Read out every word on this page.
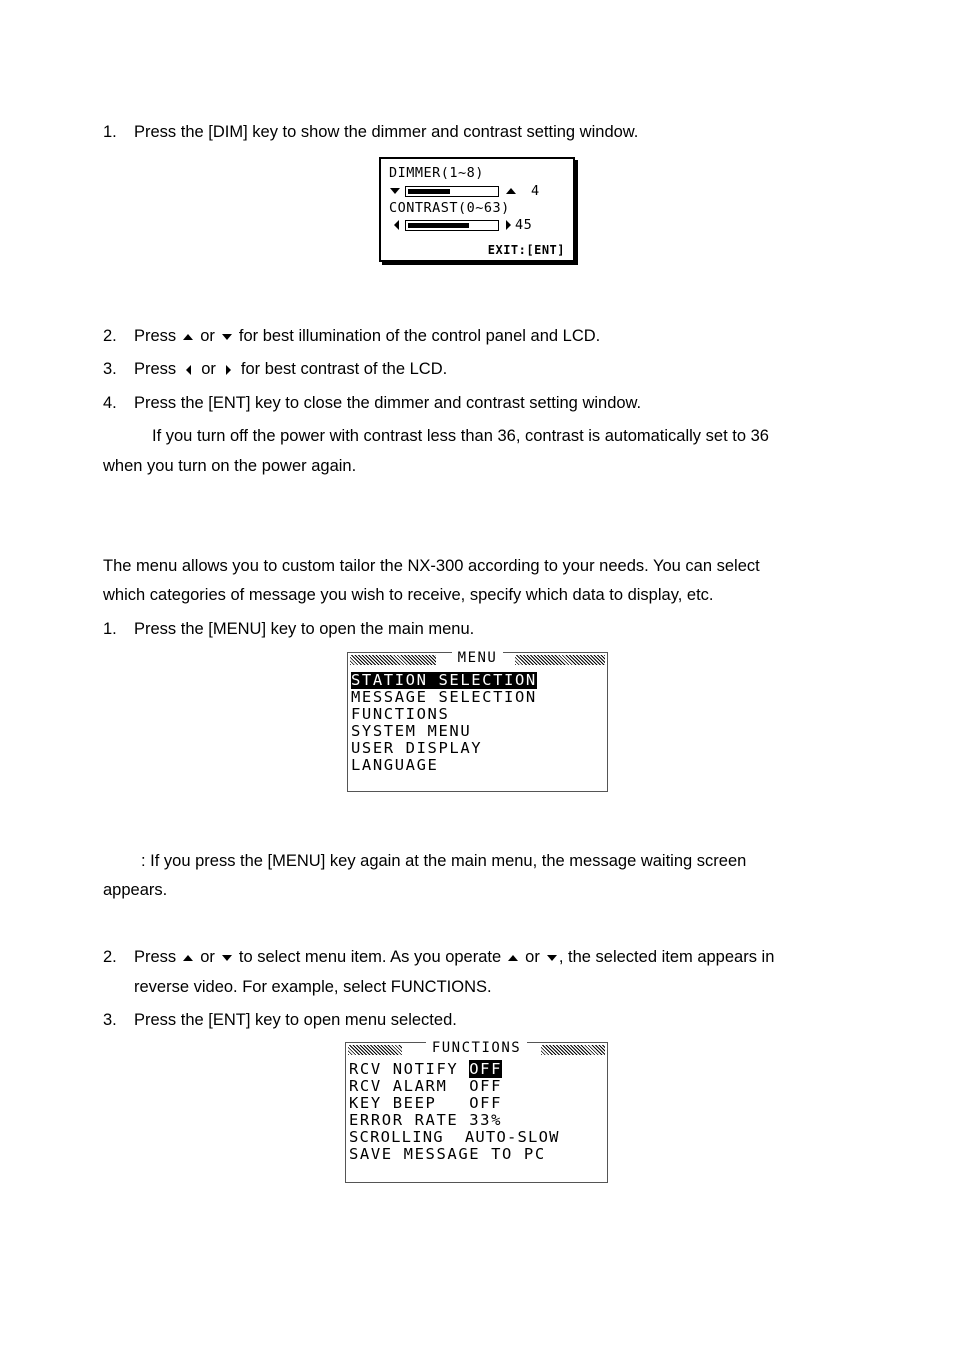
1. Press the [DIM] key to show the dimmer and contrast setting window.
DIMMER(1~8)
4
CONTRAST(0~63)
45
EXIT:[ENT]
2. Press or for best illumination of the control panel and LCD.
3. Press or for best contrast of the LCD.
4. Press the [ENT] key to close the dimmer and contrast setting window.
If you turn off the power with contrast less than 36, contrast is automatically set to 36
when you turn on the power again.
The menu allows you to custom tailor the NX-300 according to your needs. You can select
which categories of message you wish to receive, specify which data to display, etc.
1. Press the [MENU] key to open the main menu.
MENU
STATION SELECTION
MESSAGE SELECTION
FUNCTIONS
SYSTEM MENU
USER DISPLAY
LANGUAGE
: If you press the [MENU] key again at the main menu, the message waiting screen
appears.
2. Press or to select menu item. As you operate or , the selected item appears in
reverse video. For example, select FUNCTIONS.
3. Press the [ENT] key to open menu selected.
FUNCTIONS
RCV NOTIFY OFF
RCV ALARM  OFF
KEY BEEP   OFF
ERROR RATE 33%
SCROLLING  AUTO-SLOW
SAVE MESSAGE TO PC
